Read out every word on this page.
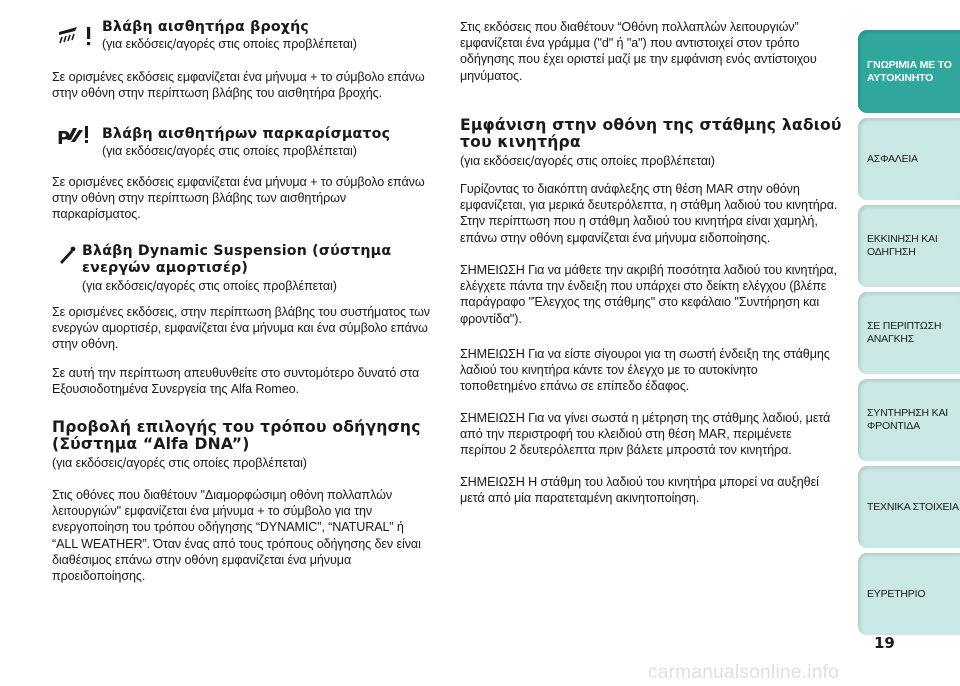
Βλάβη αισθητήρα βροχής
(για εκδόσεις/αγορές στις οποίες προβλέπεται)
Σε ορισμένες εκδόσεις εμφανίζεται ένα μήνυμα + το σύμβολο επάνω
στην οθόνη στην περίπτωση βλάβης του αισθητήρα βροχής.
P Βλάβη αισθητήρων παρκαρίσματος
(για εκδόσεις/αγορές στις οποίες προβλέπεται)
Σε ορισμένες εκδόσεις εμφανίζεται ένα μήνυμα + το σύμβολο επάνω
στην οθόνη στην περίπτωση βλάβης των αισθητήρων
παρκαρίσματος.
Βλάβη Dynamic Suspension (σύστημα
ενεργών αμορτισέρ)
(για εκδόσεις/αγορές στις οποίες προβλέπεται)
Σε ορισμένες εκδόσεις, στην περίπτωση βλάβης του συστήματος των
ενεργών αμορτισέρ, εμφανίζεται ένα μήνυμα και ένα σύμβολο επάνω
στην οθόνη.
Σε αυτή την περίπτωση απευθυνθείτε στο συντομότερο δυνατό στα
Εξουσιοδοτημένα Συνεργεία της Alfa Romeo.
Προβολή επιλογής του τρόπου οδήγησης
(Σύστημα “Alfa DNA”)
(για εκδόσεις/αγορές στις οποίες προβλέπεται)
Στις οθόνες που διαθέτουν "Διαμορφώσιμη οθόνη πολλαπλών
λειτουργιών" εμφανίζεται ένα μήνυμα + το σύμβολο για την
ενεργοποίηση του τρόπου οδήγησης “DYNAMIC”, “NATURAL” ή
“ALL WEATHER”. Όταν ένας από τους τρόπους οδήγησης δεν είναι
διαθέσιμος επάνω στην οθόνη εμφανίζεται ένα μήνυμα
προειδοποίησης.
Στις εκδόσεις που διαθέτουν “Οθόνη πολλαπλών λειτουργιών”
εμφανίζεται ένα γράμμα ("d" ή "a") που αντιστοιχεί στον τρόπο
οδήγησης που έχει οριστεί μαζί με την εμφάνιση ενός αντίστοιχου
μηνύματος.
Εμφάνιση στην οθόνη της στάθμης λαδιού
του κινητήρα
(για εκδόσεις/αγορές στις οποίες προβλέπεται)
Γυρίζοντας το διακόπτη ανάφλεξης στη θέση MAR στην οθόνη
εμφανίζεται, για μερικά δευτερόλεπτα, η στάθμη λαδιού του κινητήρα.
Στην περίπτωση που η στάθμη λαδιού του κινητήρα είναι χαμηλή,
επάνω στην οθόνη εμφανίζεται ένα μήνυμα ειδοποίησης.
ΣΗΜΕΙΩΣΗ Για να μάθετε την ακριβή ποσότητα λαδιού του κινητήρα,
ελέγχετε πάντα την ένδειξη που υπάρχει στο δείκτη ελέγχου (βλέπε
παράγραφο "Έλεγχος της στάθμης" στο κεφάλαιο "Συντήρηση και
φροντίδα").
ΣΗΜΕΙΩΣΗ Για να είστε σίγουροι για τη σωστή ένδειξη της στάθμης
λαδιού του κινητήρα κάντε τον έλεγχο με το αυτοκίνητο
τοποθετημένο επάνω σε επίπεδο έδαφος.
ΣΗΜΕΙΩΣΗ Για να γίνει σωστά η μέτρηση της στάθμης λαδιού, μετά
από την περιστροφή του κλειδιού στη θέση MAR, περιμένετε
περίπου 2 δευτερόλεπτα πριν βάλετε μπροστά τον κινητήρα.
ΣΗΜΕΙΩΣΗ Η στάθμη του λαδιού του κινητήρα μπορεί να αυξηθεί
μετά από μία παρατεταμένη ακινητοποίηση.
ΓΝΩΡΙΜΙΑ ΜΕ ΤΟ
ΑΥΤΟΚΙΝΗΤΟ
ΑΣΦΑΛΕΙΑ
ΕΚΚΙΝΗΣΗ ΚΑΙ
ΟΔΗΓΗΣΗ
ΣΕ ΠΕΡΙΠΤΩΣΗ
ΑΝΑΓΚΗΣ
ΣΥΝΤΗΡΗΣΗ ΚΑΙ
ΦΡΟΝΤΙΔΑ
ΤΕΧΝΙΚΑ ΣΤΟΙΧΕΙΑ
ΕΥΡΕΤΗΡΙΟ
19
carmanualsonline.info
